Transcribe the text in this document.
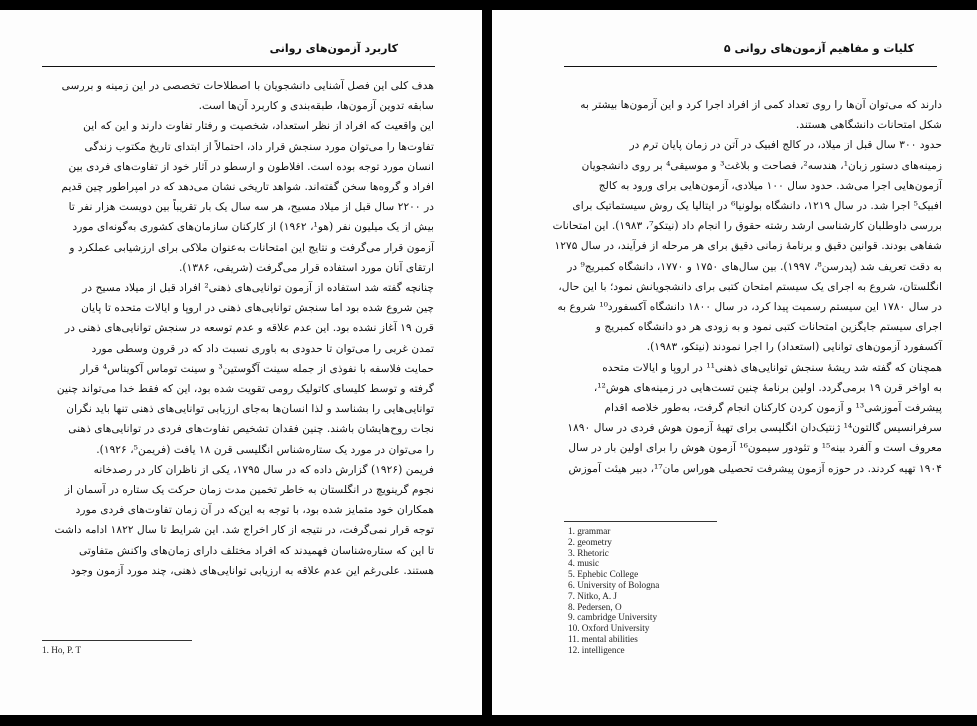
کاربرد آزمون‌های روانی

هدف کلی این فصل آشنایی دانشجویان با اصطلاحات تخصصی در این زمینه و بررسی
سابقه تدوین آزمون‌ها، طبقه‌بندی و کاربرد آن‌ها است.

این واقعیت که افراد از نظر استعداد، شخصیت و رفتار تفاوت دارند و این که این
تفاوت‌ها را می‌توان مورد سنجش قرار داد، احتمالاً از ابتدای تاریخ مکتوب زندگی
انسان مورد توجه بوده است. افلاطون و ارسطو در آثار خود از تفاوت‌های فردی بین
افراد و گروه‌ها سخن گفته‌اند. شواهد تاریخی نشان می‌دهد که در امپراطور چین قدیم
در ۲۲۰۰ سال قبل از میلاد مسیح، هر سه سال یک بار تقریباً بین دویست هزار نفر تا
بیش از یک میلیون نفر (هو¹، ۱۹۶۲) از کارکنان سازمان‌های کشوری به‌گونه‌ای مورد
آزمون قرار می‌گرفت و نتایج این امتحانات به‌عنوان ملاکی برای ارزشیابی عملکرد و
ارتقای آنان مورد استفاده قرار می‌گرفت (شریفی، ۱۳۸۶).

چنانچه گفته شد استفاده از آزمون توانایی‌های ذهنی² افراد قبل از میلاد مسیح در
چین شروع شده بود اما سنجش توانایی‌های ذهنی در اروپا و ایالات متحده تا پایان
قرن ۱۹ آغاز نشده بود. این عدم علاقه و عدم توسعه در سنجش توانایی‌های ذهنی در
تمدن غربی را می‌توان تا حدودی به باوری نسبت داد که در قرون وسطی مورد
حمایت فلاسفه با نفوذی از جمله سینت آگوستین³ و سینت توماس آکویناس⁴ قرار
گرفته و توسط کلیسای کاتولیک رومی تقویت شده بود، این که فقط خدا می‌تواند چنین
توانایی‌هایی را بشناسد و لذا انسان‌ها به‌جای ارزیابی توانایی‌های ذهنی تنها باید نگران
نجات روح‌هایشان باشند. چنین فقدان تشخیص تفاوت‌های فردی در توانایی‌های ذهنی
را می‌توان در مورد یک ستاره‌شناس انگلیسی قرن ۱۸ یافت (فریمن⁵، ۱۹۲۶).

فریمن (۱۹۲۶) گزارش داده که در سال ۱۷۹۵، یکی از ناظران کار در رصدخانه
نجوم گرینویچ در انگلستان به خاطر تخمین مدت زمان حرکت یک ستاره در آسمان از
همکاران خود متمایز شده بود، با توجه به این‌که در آن زمان تفاوت‌های فردی مورد
توجه قرار نمی‌گرفت، در نتیجه از کار اخراج شد. این شرایط تا سال ۱۸۲۲ ادامه داشت
تا این که ستاره‌شناسان فهمیدند که افراد مختلف دارای زمان‌های واکنش متفاوتی
هستند. علی‌رغم این عدم علاقه به ارزیابی توانایی‌های ذهنی، چند مورد آزمون وجود

1. Ho, P. T
کلیات و مفاهیم آزمون‌های روانی ۵

دارند که می‌توان آن‌ها را روی تعداد کمی از افراد اجرا کرد و این آزمون‌ها بیشتر به
شکل امتحانات دانشگاهی هستند.

حدود ۳۰۰ سال قبل از میلاد، در کالج افبیک در آتن در زمان پایان ترم در
زمینه‌های دستور زبان¹، هندسه²، فصاحت و بلاغت³ و موسیقی⁴ بر روی دانشجویان
آزمون‌هایی اجرا می‌شد. حدود سال ۱۰۰ میلادی، آزمون‌هایی برای ورود به کالج
افبیک⁵ اجرا شد. در سال ۱۲۱۹، دانشگاه بولونیا⁶ در ایتالیا یک روش سیستماتیک برای
بررسی داوطلبان کارشناسی ارشد رشته حقوق را انجام داد (نیتکو⁷، ۱۹۸۳). این امتحانات
شفاهی بودند. قوانین دقیق و برنامهٔ زمانی دقیق برای هر مرحله از فرآیند، در سال ۱۲۷۵
به دقت تعریف شد (پدرسن⁸، ۱۹۹۷). بین سال‌های ۱۷۵۰ و ۱۷۷۰، دانشگاه کمبریج⁹ در
انگلستان، شروع به اجرای یک سیستم امتحان کتبی برای دانشجویانش نمود؛ با این حال،
در سال ۱۷۸۰ این سیستم رسمیت پیدا کرد، در سال ۱۸۰۰ دانشگاه آکسفورد¹⁰ شروع به
اجرای سیستم جایگزین امتحانات کتبی نمود و به زودی هر دو دانشگاه کمبریج و
آکسفورد آزمون‌های توانایی (استعداد) را اجرا نمودند (نیتکو، ۱۹۸۳).

همچنان که گفته شد ریشهٔ سنجش توانایی‌های ذهنی¹¹ در اروپا و ایالات متحده
به اواخر قرن ۱۹ برمی‌گردد. اولین برنامهٔ چنین تست‌هایی در زمینه‌های هوش¹²،
پیشرفت آموزشی¹³ و آزمون کردن کارکنان انجام گرفت، به‌طور خلاصه اقدام
سرفرانسیس گالتون¹⁴ ژنتیک‌دان انگلیسی برای تهیهٔ آزمون هوش فردی در سال ۱۸۹۰
معروف است و آلفرد بینه¹⁵ و تئودور سیمون¹⁶ آزمون هوش را برای اولین بار در سال
۱۹۰۴ تهیه کردند. در حوزه آزمون پیشرفت تحصیلی هوراس مان¹⁷، دبیر هیئت آموزش

1. grammar
2. geometry
3. Rhetoric
4. music
5. Ephebic College
6. University of Bologna
7. Nitko, A. J
8. Pedersen, O
9. cambridge University
10. Oxford University
11. mental abilities
12. intelligence
